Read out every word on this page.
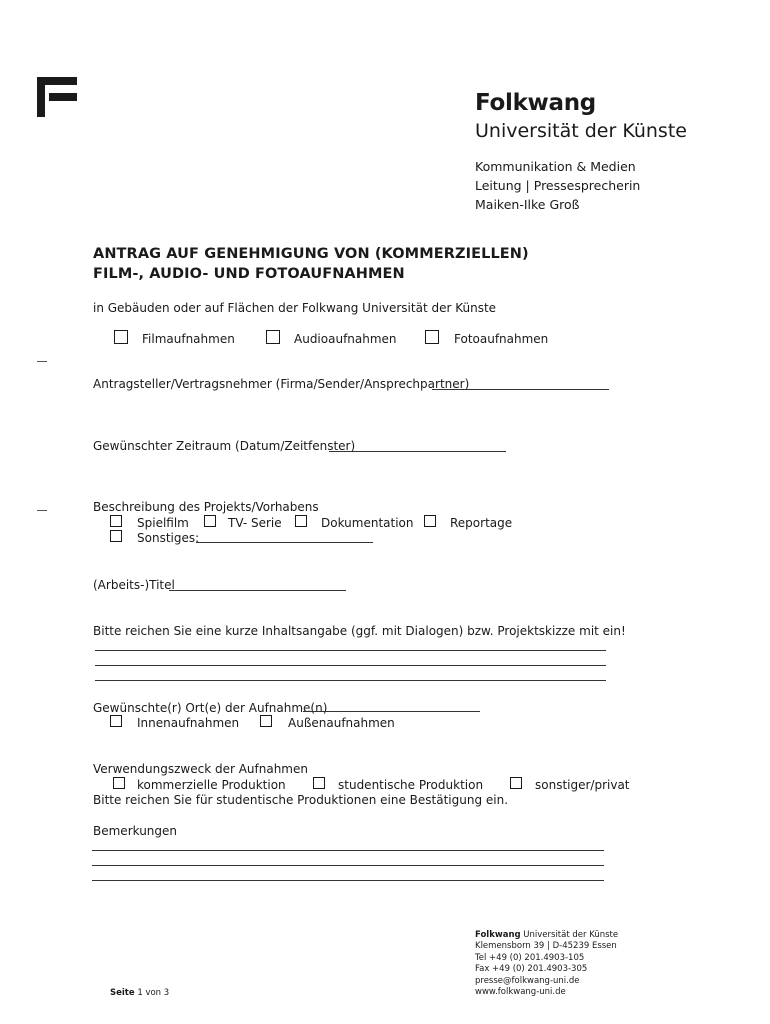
Folkwang
Universität der Künste
Kommunikation & Medien
Leitung | Pressesprecherin
Maiken-Ilke Groß
ANTRAG AUF GENEHMIGUNG VON (KOMMERZIELLEN)
FILM-, AUDIO- UND FOTOAUFNAHMEN
in Gebäuden oder auf Flächen der Folkwang Universität der Künste
Filmaufnahmen	Audioaufnahmen	Fotoaufnahmen
Antragsteller/Vertragsnehmer (Firma/Sender/Ansprechpartner)
Gewünschter Zeitraum (Datum/Zeitfenster)
Beschreibung des Projekts/Vorhabens
Spielfilm	TV- Serie	Dokumentation	Reportage
Sonstiges:
(Arbeits-)Titel
Bitte reichen Sie eine kurze Inhaltsangabe (ggf. mit Dialogen) bzw. Projektskizze mit ein!
Gewünschte(r) Ort(e) der Aufnahme(n)
Innenaufnahmen	Außenaufnahmen
Verwendungszweck der Aufnahmen
kommerzielle Produktion	studentische Produktion	sonstiger/privat
Bitte reichen Sie für studentische Produktionen eine Bestätigung ein.
Bemerkungen
Folkwang Universität der Künste
Klemensborn 39 | D-45239 Essen
Tel +49 (0) 201.4903-105
Fax +49 (0) 201.4903-305
presse@folkwang-uni.de
www.folkwang-uni.de
Seite 1 von 3
